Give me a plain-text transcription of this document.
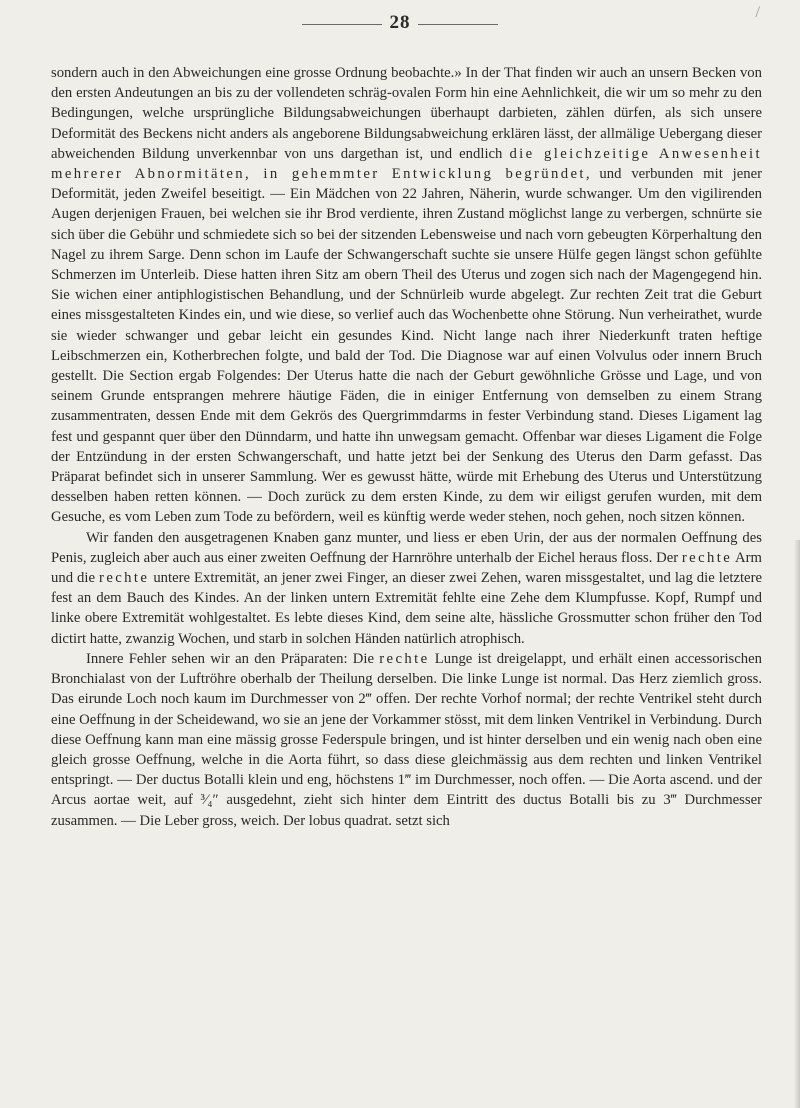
28	/

sondern auch in den Abweichungen eine grosse Ordnung beobachte.» In der That finden wir auch an unsern Becken von den ersten Andeutungen an bis zu der vollendeten schräg-ovalen Form hin eine Aehnlichkeit, die wir um so mehr zu den Bedingungen, welche ursprüngliche Bildungsabweichungen überhaupt darbieten, zählen dürfen, als sich unsere Deformität des Beckens nicht anders als angeborene Bildungsabweichung erklären lässt, der allmälige Uebergang dieser abweichenden Bildung unverkennbar von uns dargethan ist, und endlich die gleichzeitige Anwesenheit mehrerer Abnormitäten, in gehemmter Entwicklung begründet, und verbunden mit jener Deformität, jeden Zweifel beseitigt. — Ein Mädchen von 22 Jahren, Näherin, wurde schwanger. Um den vigilirenden Augen derjenigen Frauen, bei welchen sie ihr Brod verdiente, ihren Zustand möglichst lange zu verbergen, schnürte sie sich über die Gebühr und schmiedete sich so bei der sitzenden Lebensweise und nach vorn gebeugten Körperhaltung den Nagel zu ihrem Sarge. Denn schon im Laufe der Schwangerschaft suchte sie unsere Hülfe gegen längst schon gefühlte Schmerzen im Unterleib. Diese hatten ihren Sitz am obern Theil des Uterus und zogen sich nach der Magengegend hin. Sie wichen einer antiphlogistischen Behandlung, und der Schnürleib wurde abgelegt. Zur rechten Zeit trat die Geburt eines missgestalteten Kindes ein, und wie diese, so verlief auch das Wochenbette ohne Störung. Nun verheirathet, wurde sie wieder schwanger und gebar leicht ein gesundes Kind. Nicht lange nach ihrer Niederkunft traten heftige Leibschmerzen ein, Kotherbrechen folgte, und bald der Tod. Die Diagnose war auf einen Volvulus oder innern Bruch gestellt. Die Section ergab Folgendes: Der Uterus hatte die nach der Geburt gewöhnliche Grösse und Lage, und von seinem Grunde entsprangen mehrere häutige Fäden, die in einiger Entfernung von demselben zu einem Strang zusammentraten, dessen Ende mit dem Gekrös des Quergrimmdarms in fester Verbindung stand. Dieses Ligament lag fest und gespannt quer über den Dünndarm, und hatte ihn unwegsam gemacht. Offenbar war dieses Ligament die Folge der Entzündung in der ersten Schwangerschaft, und hatte jetzt bei der Senkung des Uterus den Darm gefasst. Das Präparat befindet sich in unserer Sammlung. Wer es gewusst hätte, würde mit Erhebung des Uterus und Unterstützung desselben haben retten können. — Doch zurück zu dem ersten Kinde, zu dem wir eiligst gerufen wurden, mit dem Gesuche, es vom Leben zum Tode zu befördern, weil es künftig werde weder stehen, noch gehen, noch sitzen können.

Wir fanden den ausgetragenen Knaben ganz munter, und liess er eben Urin, der aus der normalen Oeffnung des Penis, zugleich aber auch aus einer zweiten Oeffnung der Harnröhre unterhalb der Eichel heraus floss. Der rechte Arm und die rechte untere Extremität, an jener zwei Finger, an dieser zwei Zehen, waren missgestaltet, und lag die letztere fest an dem Bauch des Kindes. An der linken untern Extremität fehlte eine Zehe dem Klumpfusse. Kopf, Rumpf und linke obere Extremität wohlgestaltet. Es lebte dieses Kind, dem seine alte, hässliche Grossmutter schon früher den Tod dictirt hatte, zwanzig Wochen, und starb in solchen Händen natürlich atrophisch.

Innere Fehler sehen wir an den Präparaten: Die rechte Lunge ist dreigelappt, und erhält einen accessorischen Bronchialast von der Luftröhre oberhalb der Theilung derselben. Die linke Lunge ist normal. Das Herz ziemlich gross. Das eirunde Loch noch kaum im Durchmesser von 2‴ offen. Der rechte Vorhof normal; der rechte Ventrikel steht durch eine Oeffnung in der Scheidewand, wo sie an jene der Vorkammer stösst, mit dem linken Ventrikel in Verbindung. Durch diese Oeffnung kann man eine mässig grosse Federspule bringen, und ist hinter derselben und ein wenig nach oben eine gleich grosse Oeffnung, welche in die Aorta führt, so dass diese gleichmässig aus dem rechten und linken Ventrikel entspringt. — Der ductus Botalli klein und eng, höchstens 1‴ im Durchmesser, noch offen. — Die Aorta ascend. und der Arcus aortae weit, auf ³⁄₄″ ausgedehnt, zieht sich hinter dem Eintritt des ductus Botalli bis zu 3‴ Durchmesser zusammen. — Die Leber gross, weich. Der lobus quadrat. setzt sich
